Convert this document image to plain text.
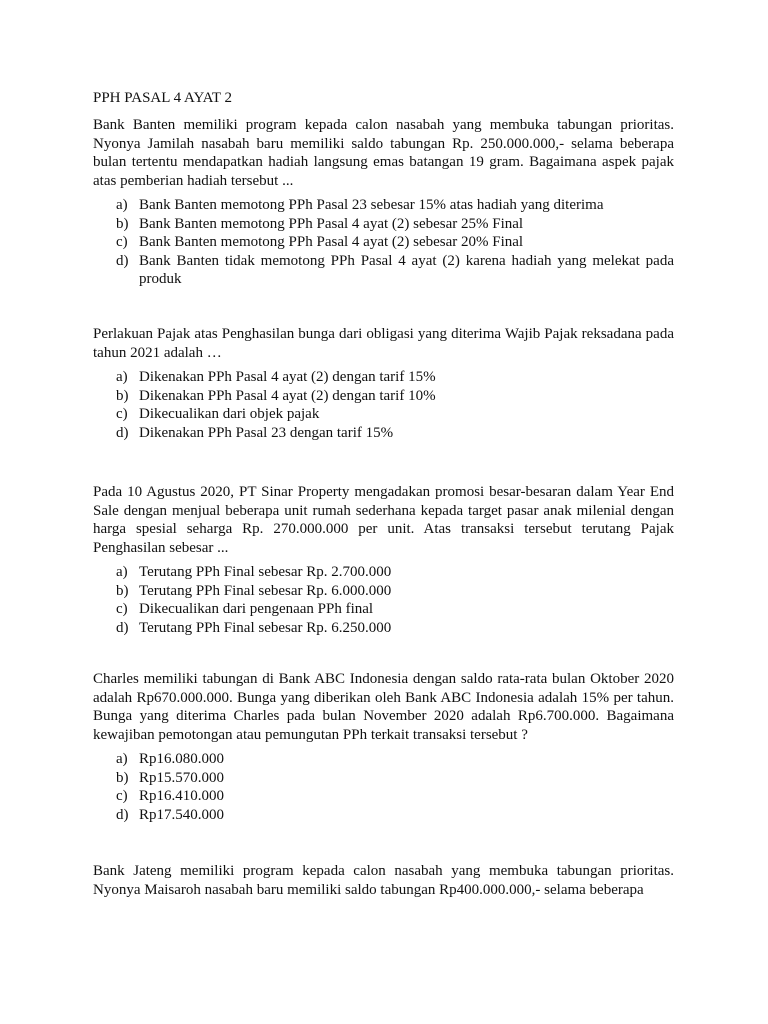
PPH PASAL 4 AYAT 2

Bank Banten memiliki program kepada calon nasabah yang membuka tabungan prioritas. Nyonya Jamilah nasabah baru memiliki saldo tabungan Rp. 250.000.000,- selama beberapa bulan tertentu mendapatkan hadiah langsung emas batangan 19 gram. Bagaimana aspek pajak atas pemberian hadiah tersebut ...

a) Bank Banten memotong PPh Pasal 23 sebesar 15% atas hadiah yang diterima
b) Bank Banten memotong PPh Pasal 4 ayat (2) sebesar 25% Final
c) Bank Banten memotong PPh Pasal 4 ayat (2) sebesar 20% Final
d) Bank Banten tidak memotong PPh Pasal 4 ayat (2) karena hadiah yang melekat pada produk

Perlakuan Pajak atas Penghasilan bunga dari obligasi yang diterima Wajib Pajak reksadana pada tahun 2021 adalah …

a) Dikenakan PPh Pasal 4 ayat (2) dengan tarif 15%
b) Dikenakan PPh Pasal 4 ayat (2) dengan tarif 10%
c) Dikecualikan dari objek pajak
d) Dikenakan PPh Pasal 23 dengan tarif 15%

Pada 10 Agustus 2020, PT Sinar Property mengadakan promosi besar-besaran dalam Year End Sale dengan menjual beberapa unit rumah sederhana kepada target pasar anak milenial dengan harga spesial seharga Rp. 270.000.000 per unit. Atas transaksi tersebut terutang Pajak Penghasilan sebesar ...

a) Terutang PPh Final sebesar Rp. 2.700.000
b) Terutang PPh Final sebesar Rp. 6.000.000
c) Dikecualikan dari pengenaan PPh final
d) Terutang PPh Final sebesar Rp. 6.250.000

Charles memiliki tabungan di Bank ABC Indonesia dengan saldo rata-rata bulan Oktober 2020 adalah Rp670.000.000. Bunga yang diberikan oleh Bank ABC Indonesia adalah 15% per tahun. Bunga yang diterima Charles pada bulan November 2020 adalah Rp6.700.000. Bagaimana kewajiban pemotongan atau pemungutan PPh terkait transaksi tersebut ?

a) Rp16.080.000
b) Rp15.570.000
c) Rp16.410.000
d) Rp17.540.000

Bank Jateng memiliki program kepada calon nasabah yang membuka tabungan prioritas. Nyonya Maisaroh nasabah baru memiliki saldo tabungan Rp400.000.000,- selama beberapa
